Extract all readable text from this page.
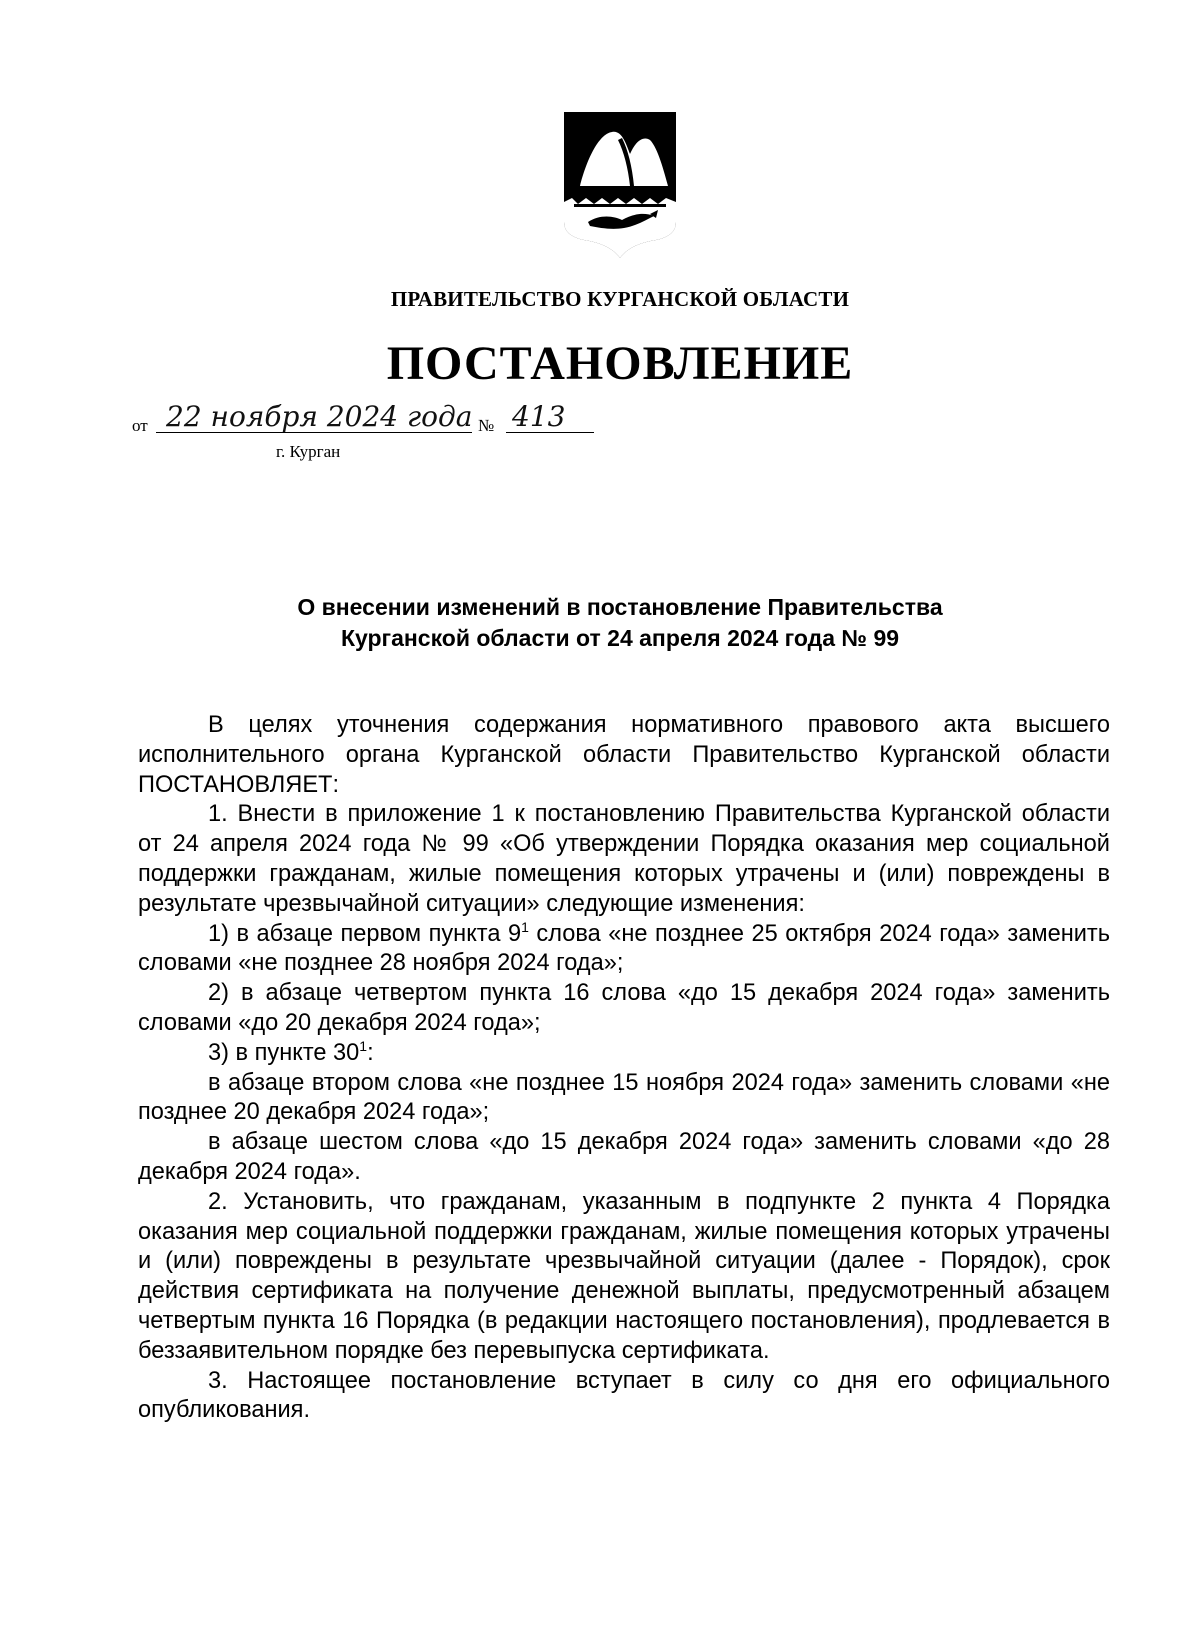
ПРАВИТЕЛЬСТВО КУРГАНСКОЙ ОБЛАСТИ
ПОСТАНОВЛЕНИЕ
от 22 ноября 2024 года № 413
г. Курган
О внесении изменений в постановление Правительства
Курганской области от 24 апреля 2024 года № 99

В целях уточнения содержания нормативного правового акта высшего исполнительного органа Курганской области Правительство Курганской области ПОСТАНОВЛЯЕТ:

1. Внести в приложение 1 к постановлению Правительства Курганской области от 24 апреля 2024 года № 99 «Об утверждении Порядка оказания мер социальной поддержки гражданам, жилые помещения которых утрачены и (или) повреждены в результате чрезвычайной ситуации» следующие изменения:

1) в абзаце первом пункта $9^1$ слова «не позднее 25 октября 2024 года» заменить словами «не позднее 28 ноября 2024 года»;

2) в абзаце четвертом пункта 16 слова «до 15 декабря 2024 года» заменить словами «до 20 декабря 2024 года»;

3) в пункте $30^1$:

в абзаце втором слова «не позднее 15 ноября 2024 года» заменить словами «не позднее 20 декабря 2024 года»;

в абзаце шестом слова «до 15 декабря 2024 года» заменить словами «до 28 декабря 2024 года».

2. Установить, что гражданам, указанным в подпункте 2 пункта 4 Порядка оказания мер социальной поддержки гражданам, жилые помещения которых утрачены и (или) повреждены в результате чрезвычайной ситуации (далее - Порядок), срок действия сертификата на получение денежной выплаты, предусмотренный абзацем четвертым пункта 16 Порядка (в редакции настоящего постановления), продлевается в беззаявительном порядке без перевыпуска сертификата.

3. Настоящее постановление вступает в силу со дня его официального опубликования.
